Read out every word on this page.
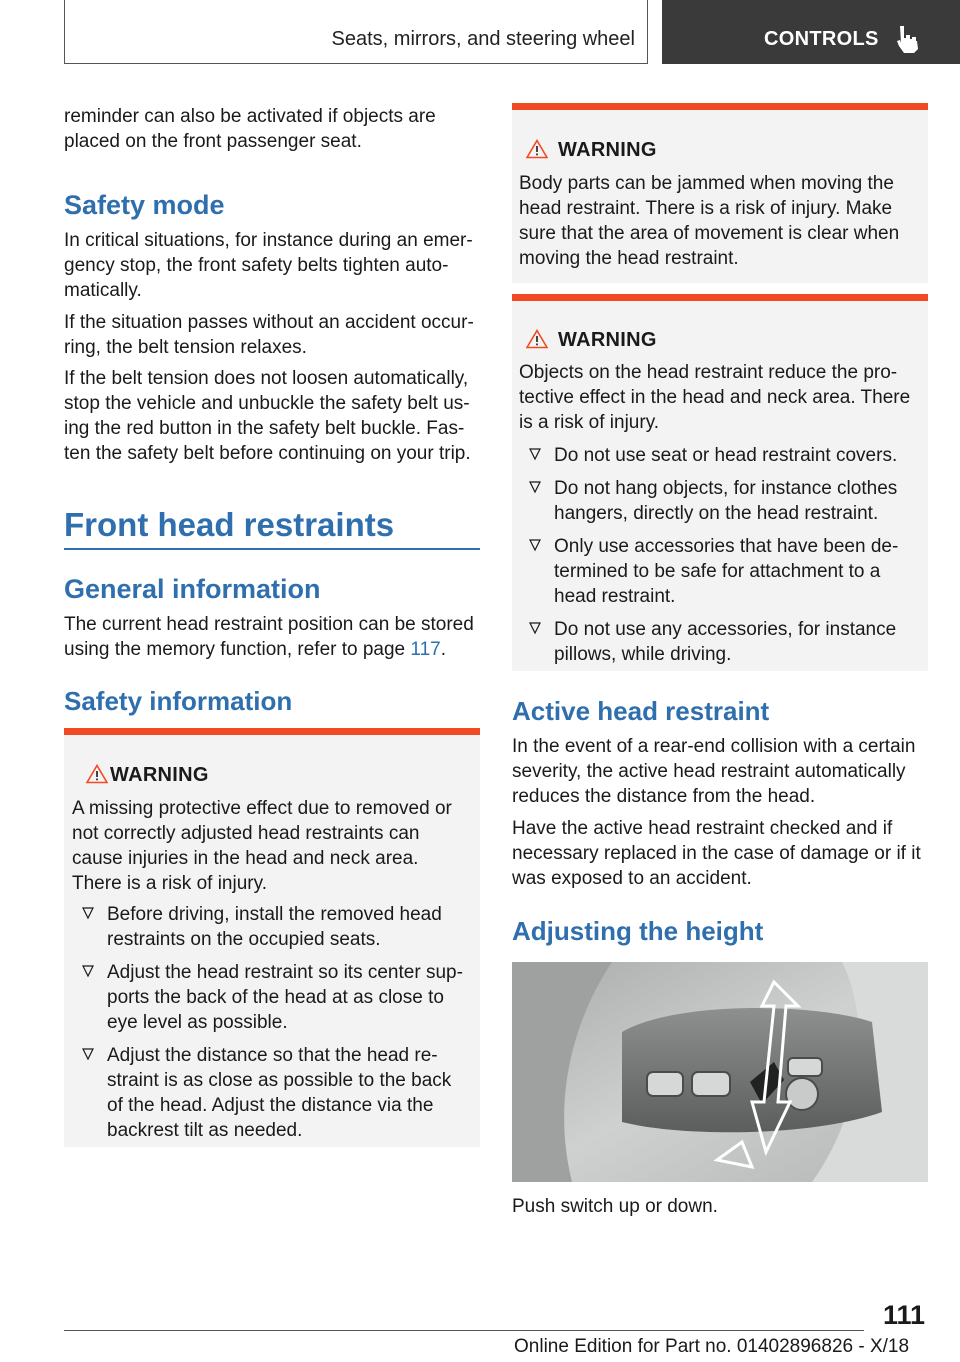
Seats, mirrors, and steering wheel	CONTROLS

reminder can also be activated if objects are placed on the front passenger seat.

Safety mode

In critical situations, for instance during an emer-gency stop, the front safety belts tighten auto-matically.

If the situation passes without an accident occur-ring, the belt tension relaxes.

If the belt tension does not loosen automatically, stop the vehicle and unbuckle the safety belt us-ing the red button in the safety belt buckle. Fas-ten the safety belt before continuing on your trip.

Front head restraints
General information

The current head restraint position can be stored using the memory function, refer to page 117.

Safety information
WARNING

A missing protective effect due to removed or not correctly adjusted head restraints can cause injuries in the head and neck area. There is a risk of injury.

Before driving, install the removed head restraints on the occupied seats.
Adjust the head restraint so its center sup-ports the back of the head at as close to eye level as possible.
Adjust the distance so that the head re-straint is as close as possible to the back of the head. Adjust the distance via the backrest tilt as needed.
WARNING

Body parts can be jammed when moving the head restraint. There is a risk of injury. Make sure that the area of movement is clear when moving the head restraint.

WARNING

Objects on the head restraint reduce the pro-tective effect in the head and neck area. There is a risk of injury.

Do not use seat or head restraint covers.
Do not hang objects, for instance clothes hangers, directly on the head restraint.
Only use accessories that have been de-termined to be safe for attachment to a head restraint.
Do not use any accessories, for instance pillows, while driving.
Active head restraint

In the event of a rear-end collision with a certain severity, the active head restraint automatically reduces the distance from the head.

Have the active head restraint checked and if necessary replaced in the case of damage or if it was exposed to an accident.

Adjusting the height

Push switch up or down.

111
Online Edition for Part no. 01402896826 - X/18
